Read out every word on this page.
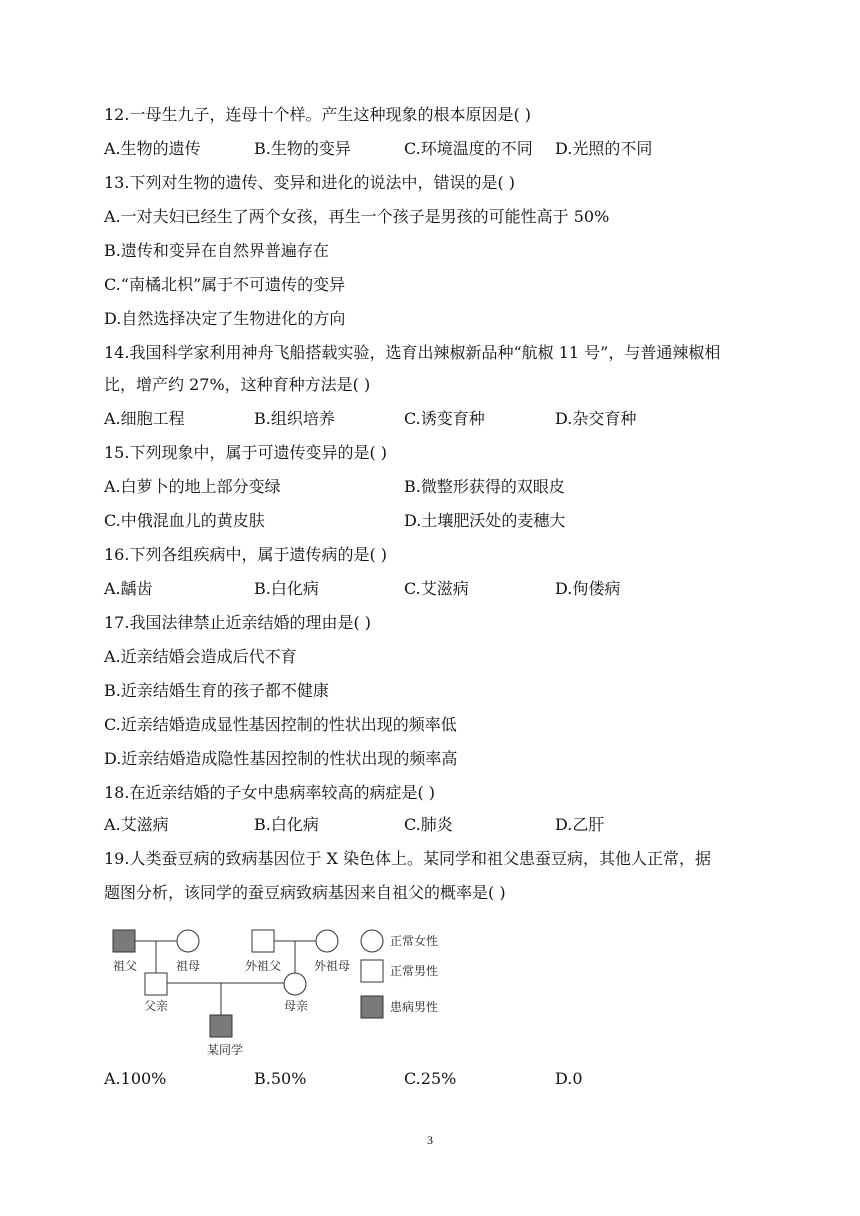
12.一母生九子，连母十个样。产生这种现象的根本原因是( )
A.生物的遗传	B.生物的变异	C.环境温度的不同 D.光照的不同
13.下列对生物的遗传、变异和进化的说法中，错误的是( )
A.一对夫妇已经生了两个女孩，再生一个孩子是男孩的可能性高于 50%
B.遗传和变异在自然界普遍存在
C.“南橘北枳”属于不可遗传的变异
D.自然选择决定了生物进化的方向
14.我国科学家利用神舟飞船搭载实验，选育出辣椒新品种“航椒 11 号”，与普通辣椒相
比，增产约 27%，这种育种方法是( )
A.细胞工程	B.组织培养	C.诱变育种	D.杂交育种
15.下列现象中，属于可遗传变异的是( )
A.白萝卜的地上部分变绿	B.微整形获得的双眼皮
C.中俄混血儿的黄皮肤	D.土壤肥沃处的麦穗大
16.下列各组疾病中，属于遗传病的是( )
A.龋齿	B.白化病	C.艾滋病	D.佝偻病
17.我国法律禁止近亲结婚的理由是( )
A.近亲结婚会造成后代不育
B.近亲结婚生育的孩子都不健康
C.近亲结婚造成显性基因控制的性状出现的频率低
D.近亲结婚造成隐性基因控制的性状出现的频率高
18.在近亲结婚的子女中患病率较高的病症是( )
A.艾滋病	B.白化病	C.肺炎	D.乙肝
19.人类蚕豆病的致病基因位于 X 染色体上。某同学和祖父患蚕豆病，其他人正常，据
题图分析，该同学的蚕豆病致病基因来自祖父的概率是( )
祖父	祖母	外祖父	外祖母
父亲	母亲
某同学
正常女性
正常男性
患病男性
A.100%	B.50%	C.25%	D.0
3
